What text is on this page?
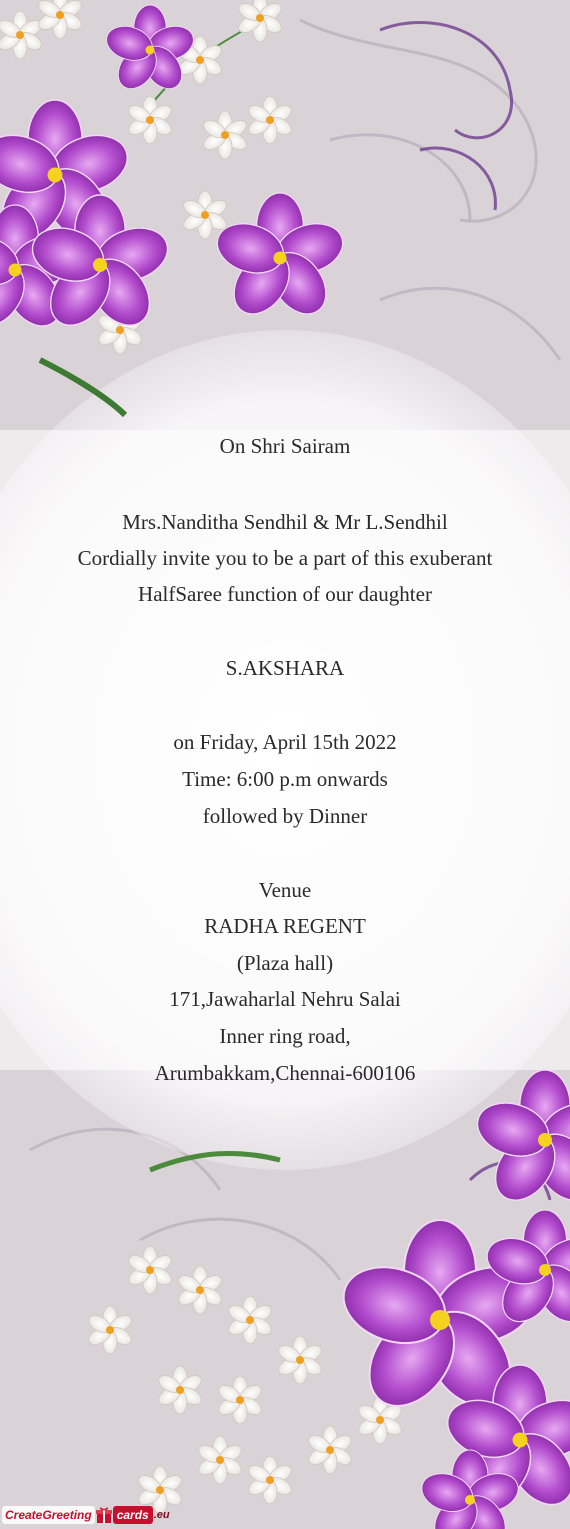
On Shri Sairam
Mrs.Nanditha Sendhil & Mr L.Sendhil
Cordially invite you to be a part of this exuberant
HalfSaree function of our daughter
S.AKSHARA
on Friday, April 15th 2022
Time: 6:00 p.m onwards
followed by Dinner
Venue
RADHA REGENT
(Plaza hall)
171,Jawaharlal Nehru Salai
Inner ring road,
Arumbakkam,Chennai-600106
CreateGreeting	cards .eu
